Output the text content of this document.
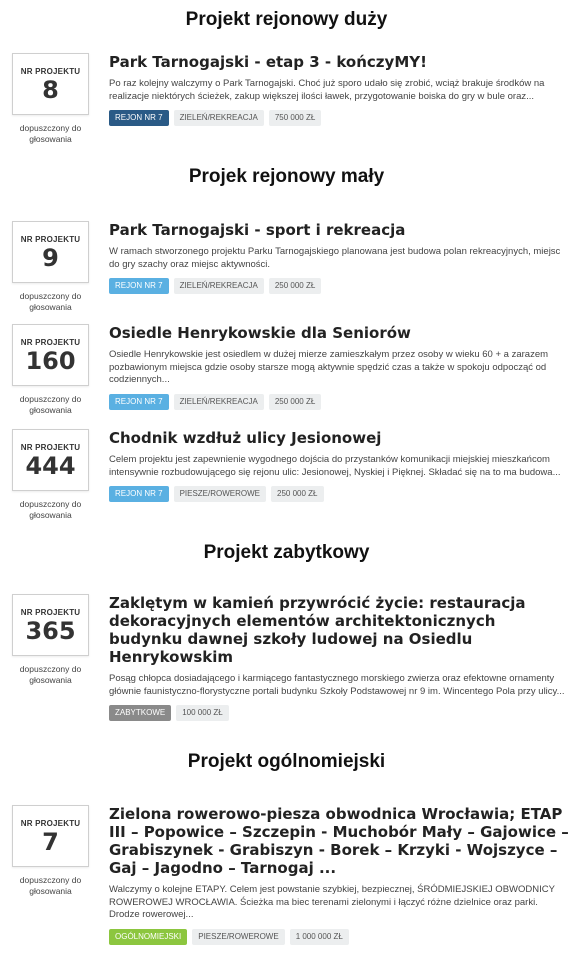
Projekt rejonowy duży
NR PROJEKTU
8
dopuszczony do głosowania
Park Tarnogajski - etap 3 - kończyMY!
Po raz kolejny walczymy o Park Tarnogajski. Choć już sporo udało się zrobić, wciąż brakuje środków na realizacje niektórych ścieżek, zakup większej ilości ławek, przygotowanie boiska do gry w bule oraz...
REJON NR 7	ZIELEŃ/REKREACJA	750 000 ZŁ
Projek rejonowy mały
NR PROJEKTU
9
dopuszczony do głosowania
Park Tarnogajski - sport i rekreacja
W ramach stworzonego projektu Parku Tarnogajskiego planowana jest budowa polan rekreacyjnych, miejsc do gry szachy oraz miejsc aktywności.
REJON NR 7	ZIELEŃ/REKREACJA	250 000 ZŁ
NR PROJEKTU
160
dopuszczony do głosowania
Osiedle Henrykowskie dla Seniorów
Osiedle Henrykowskie jest osiedlem w dużej mierze zamieszkałym przez osoby w wieku 60 + a zarazem pozbawionym miejsca gdzie osoby starsze mogą aktywnie spędzić czas a także w spokoju odpocząć od codziennych...
REJON NR 7	ZIELEŃ/REKREACJA	250 000 ZŁ
NR PROJEKTU
444
dopuszczony do głosowania
Chodnik wzdłuż ulicy Jesionowej
Celem projektu jest zapewnienie wygodnego dojścia do przystanków komunikacji miejskiej mieszkańcom intensywnie rozbudowującego się rejonu ulic: Jesionowej, Nyskiej i Pięknej. Składać się na to ma budowa...
REJON NR 7	PIESZE/ROWEROWE	250 000 ZŁ
Projekt zabytkowy
NR PROJEKTU
365
dopuszczony do głosowania
Zaklętym w kamień przywrócić życie: restauracja dekoracyjnych elementów architektonicznych budynku dawnej szkoły ludowej na Osiedlu Henrykowskim
Posąg chłopca dosiadającego i karmiącego fantastycznego morskiego zwierza oraz efektowne ornamenty głównie faunistyczno-florystyczne portali budynku Szkoły Podstawowej nr 9 im. Wincentego Pola przy ulicy...
ZABYTKOWE	100 000 ZŁ
Projekt ogólnomiejski
NR PROJEKTU
7
dopuszczony do głosowania
Zielona rowerowo-piesza obwodnica Wrocławia; ETAP III – Popowice – Szczepin - Muchobór Mały – Gajowice – Grabiszynek - Grabiszyn - Borek – Krzyki - Wojszyce – Gaj – Jagodno – Tarnogaj ...
Walczymy o kolejne ETAPY. Celem jest powstanie szybkiej, bezpiecznej, ŚRÓDMIEJSKIEJ OBWODNICY ROWEROWEJ WROCŁAWIA. Ścieżka ma biec terenami zielonymi i łączyć różne dzielnice oraz parki. Drodze rowerowej...
OGÓLNOMIEJSKI	PIESZE/ROWEROWE	1 000 000 ZŁ
